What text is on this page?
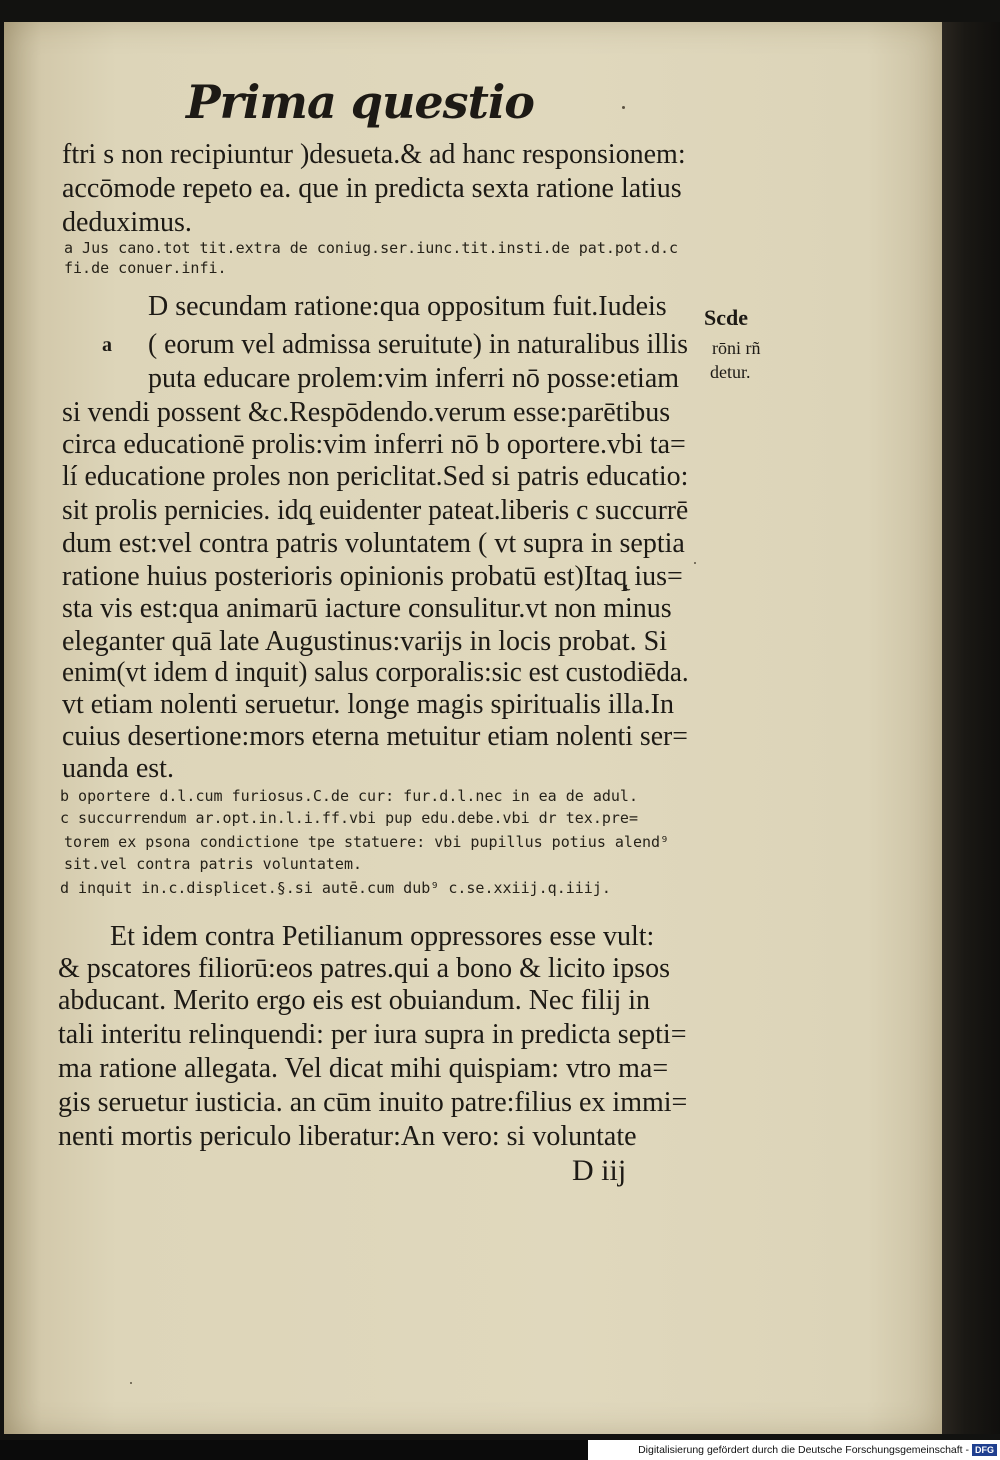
Prima questio
ftri s non recipiuntur )desueta.& ad hanc responsionem:
accōmode repeto ea. que in predicta sexta ratione latius
deduximus.
a Jus cano.tot tit.extra de coniug.ser.iunc.tit.insti.de pat.pot.d.c
fi.de conuer.infi.
D secundam ratione:qua oppositum fuit.Iudeis
a ( eorum vel admissa seruitute) in naturalibus illis
puta educare prolem:vim inferri nō posse:etiam
si vendi possent &c.Respōdendo.verum esse:parētibus
circa educationē prolis:vim inferri nō b oportere.vbi ta=
lí educatione proles non periclitat.Sed si patris educatio:
sit prolis pernicies. idq̨ euidenter pateat.liberis c succurrē
dum est:vel contra patris voluntatem ( vt supra in septia
ratione huius posterioris opinionis probatū est)Itaq̨ ius=
sta vis est:qua animarū iacture consulitur.vt non minus
eleganter quā late Augustinus:varijs in locis probat. Si
enim(vt idem d inquit) salus corporalis:sic est custodiēda.
vt etiam nolenti seruetur. longe magis spiritualis illa.In
cuius desertione:mors eterna metuitur etiam nolenti ser=
uanda est.
Scde
rōni rñ
detur.
b oportere d.l.cum furiosus.C.de cur: fur.d.l.nec in ea de adul.
c succurrendum ar.opt.in.l.i.ff.vbi pup edu.debe.vbi dr tex.pre=
torem ex psona condictione tpe statuere: vbi pupillus potius alend⁹
sit.vel contra patris voluntatem.
d inquit in.c.displicet.§.si autē.cum dub⁹ c.se.xxiij.q.iiij.
Et idem contra Petilianum oppressores esse vult:
& pscatores filiorū:eos patres.qui a bono & licito ipsos
abducant. Merito ergo eis est obuiandum. Nec filij in
tali interitu relinquendi: per iura supra in predicta septi=
ma ratione allegata. Vel dicat mihi quispiam: vtro ma=
gis seruetur iusticia. an cūm inuito patre:filius ex immi=
nenti mortis periculo liberatur:An vero: si voluntate
D iij
Digitalisierung gefördert durch die Deutsche Forschungsgemeinschaft - DFG
